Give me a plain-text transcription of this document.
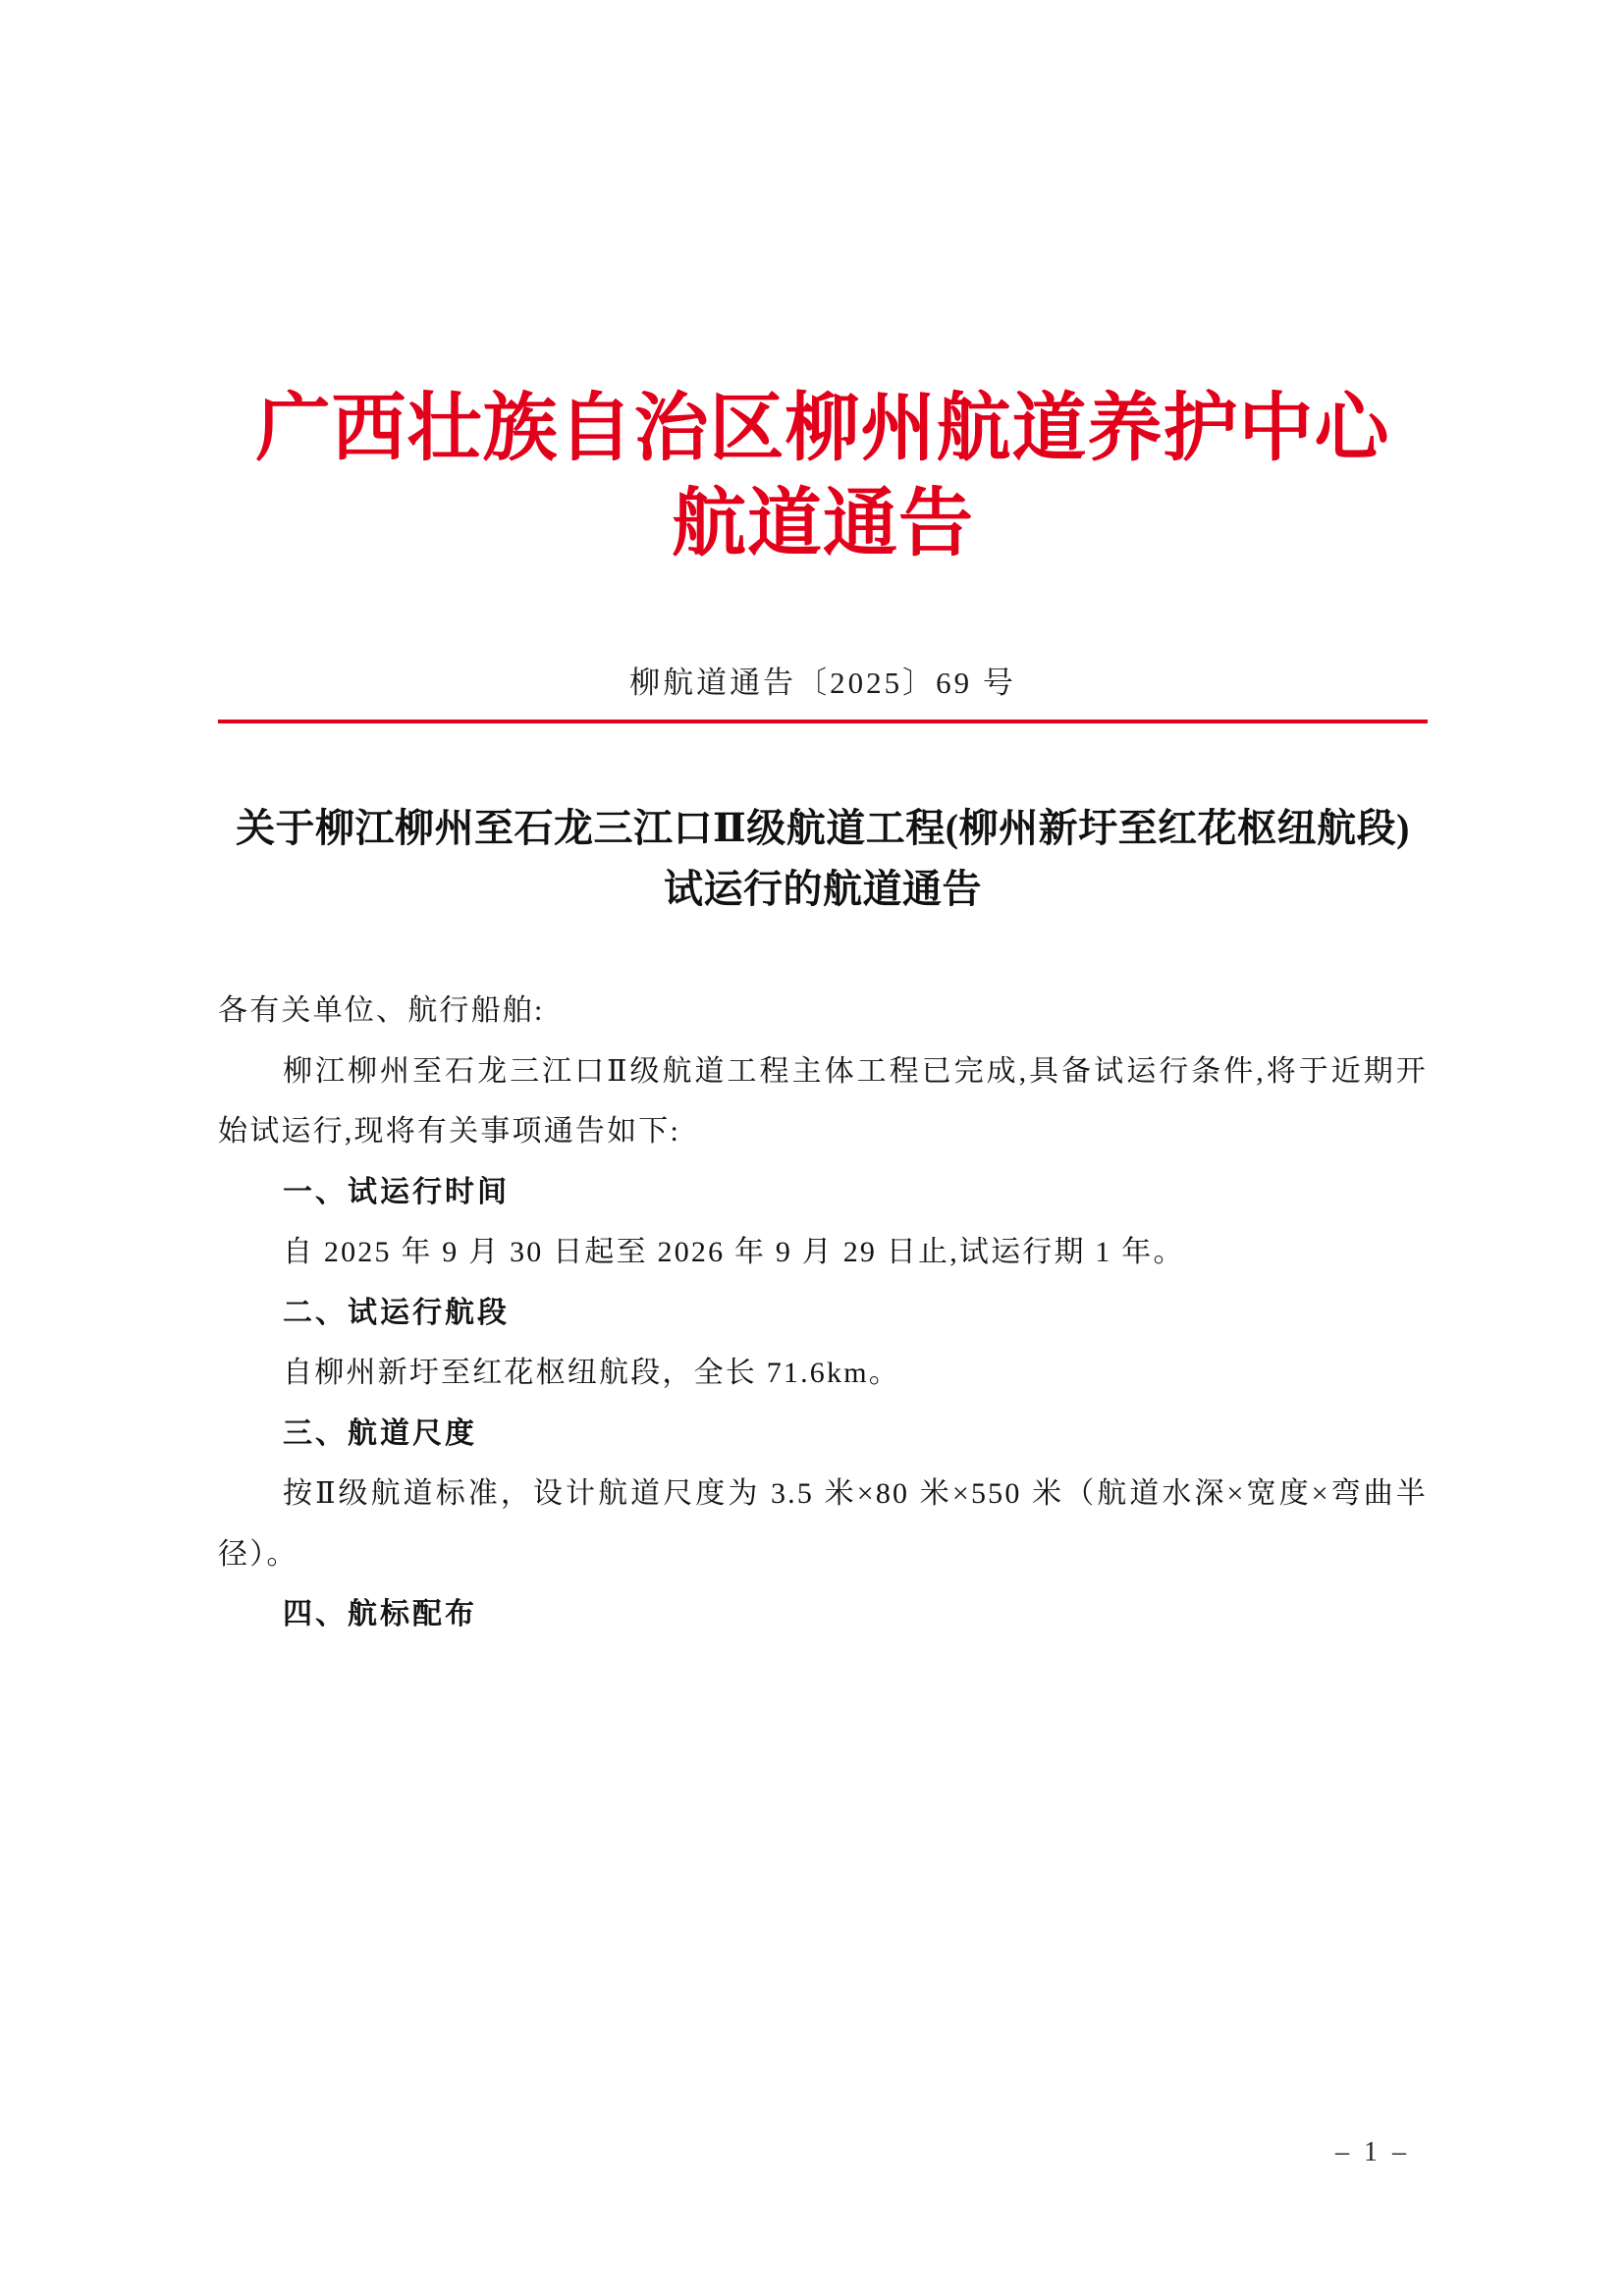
广西壮族自治区柳州航道养护中心
航道通告
柳航道通告〔2025〕69 号
关于柳江柳州至石龙三江口Ⅱ级航道工程(柳州新圩至红花枢纽航段)试运行的航道通告

各有关单位、航行船舶:

柳江柳州至石龙三江口Ⅱ级航道工程主体工程已完成,具备试运行条件,将于近期开始试运行,现将有关事项通告如下:

一、试运行时间

自 2025 年 9 月 30 日起至 2026 年 9 月 29 日止,试运行期 1 年。

二、试运行航段

自柳州新圩至红花枢纽航段，全长 71.6km。

三、航道尺度

按Ⅱ级航道标准，设计航道尺度为 3.5 米×80 米×550 米（航道水深×宽度×弯曲半径）。

四、航标配布

– 1 –
